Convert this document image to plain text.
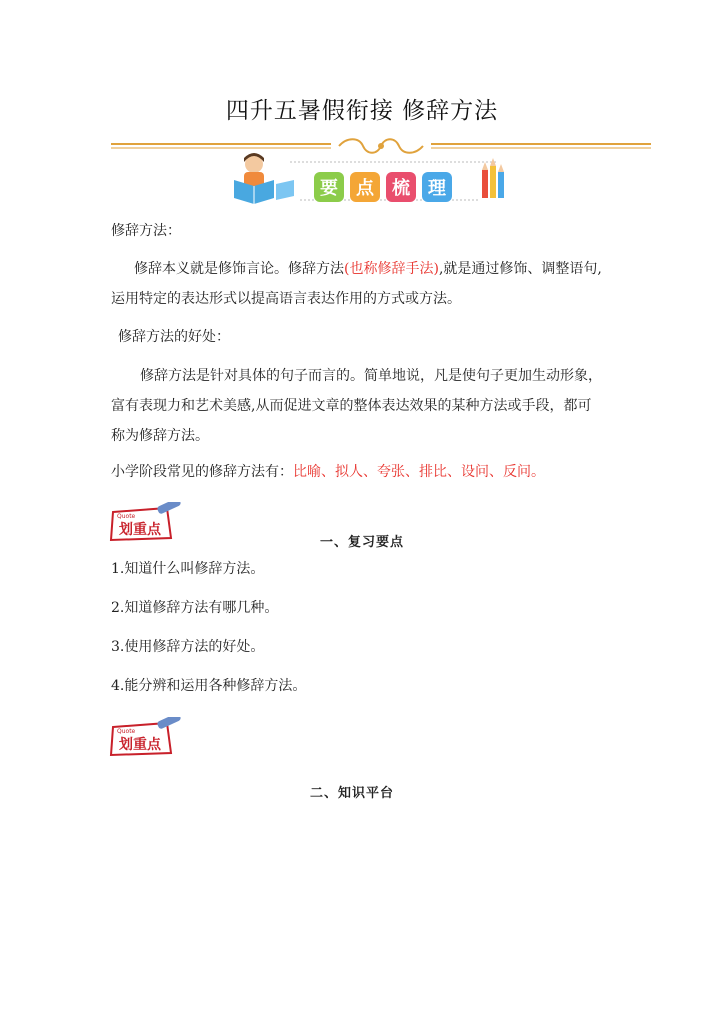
四升五暑假衔接 修辞方法
要	点	梳	理
修辞方法：
修辞本义就是修饰言论。修辞方法(也称修辞手法),就是通过修饰、调整语句,
运用特定的表达形式以提高语言表达作用的方式或方法。
修辞方法的好处：
修辞方法是针对具体的句子而言的。简单地说，凡是使句子更加生动形象，
富有表现力和艺术美感,从而促进文章的整体表达效果的某种方法或手段，都可
称为修辞方法。
小学阶段常见的修辞方法有：比喻、拟人、夸张、排比、设问、反问。
Quote
划重点
一、复习要点
1.知道什么叫修辞方法。
2.知道修辞方法有哪几种。
3.使用修辞方法的好处。
4.能分辨和运用各种修辞方法。
Quote
划重点
二、知识平台
